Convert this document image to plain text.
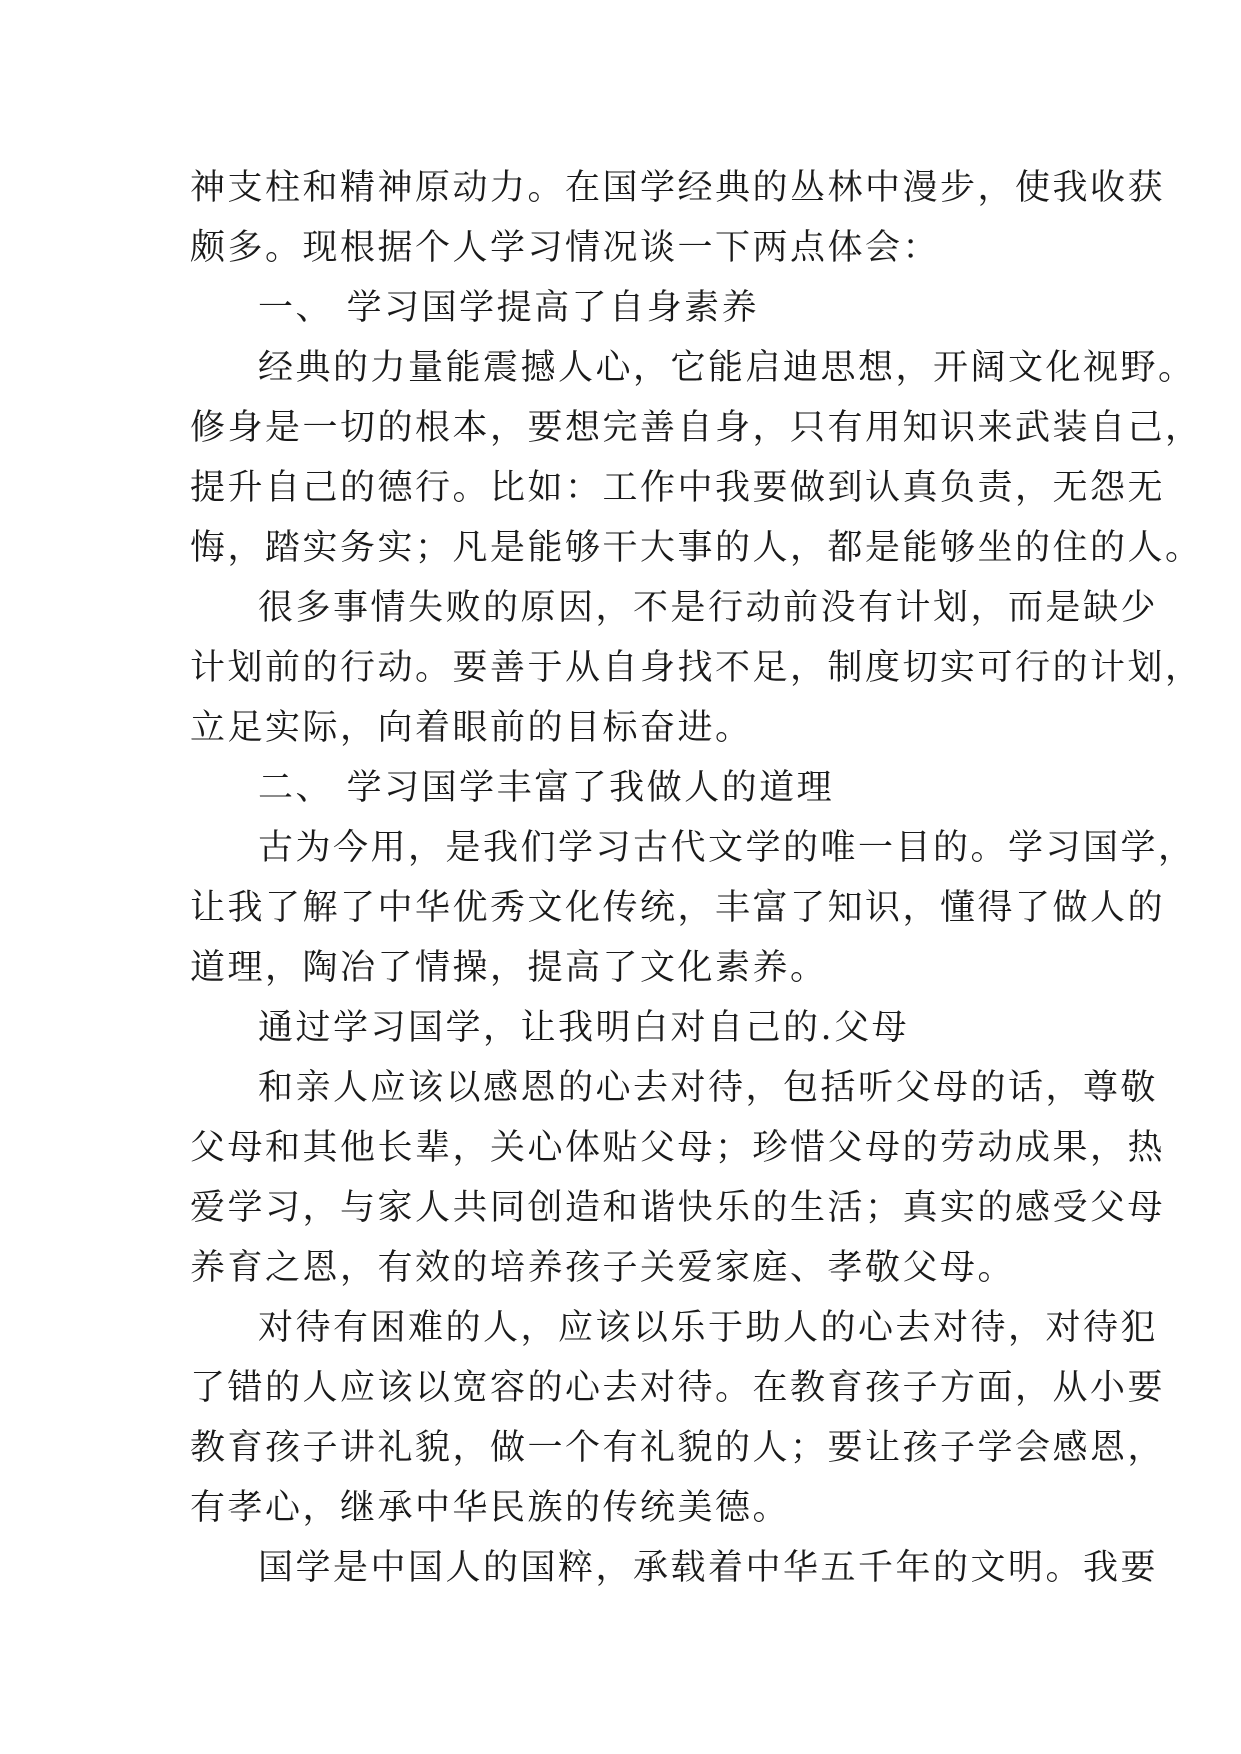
神支柱和精神原动力。在国学经典的丛林中漫步，使我收获
颇多。现根据个人学习情况谈一下两点体会：
一、 学习国学提高了自身素养
经典的力量能震撼人心，它能启迪思想，开阔文化视野。
修身是一切的根本，要想完善自身，只有用知识来武装自己，
提升自己的德行。比如：工作中我要做到认真负责，无怨无
悔，踏实务实；凡是能够干大事的人，都是能够坐的住的人。
很多事情失败的原因，不是行动前没有计划，而是缺少
计划前的行动。要善于从自身找不足，制度切实可行的计划，
立足实际，向着眼前的目标奋进。
二、 学习国学丰富了我做人的道理
古为今用，是我们学习古代文学的唯一目的。学习国学，
让我了解了中华优秀文化传统，丰富了知识，懂得了做人的
道理，陶冶了情操，提高了文化素养。
通过学习国学，让我明白对自己的.父母
和亲人应该以感恩的心去对待，包括听父母的话，尊敬
父母和其他长辈，关心体贴父母；珍惜父母的劳动成果，热
爱学习，与家人共同创造和谐快乐的生活；真实的感受父母
养育之恩，有效的培养孩子关爱家庭、孝敬父母。
对待有困难的人，应该以乐于助人的心去对待，对待犯
了错的人应该以宽容的心去对待。在教育孩子方面，从小要
教育孩子讲礼貌，做一个有礼貌的人；要让孩子学会感恩，
有孝心，继承中华民族的传统美德。
国学是中国人的国粹，承载着中华五千年的文明。我要
